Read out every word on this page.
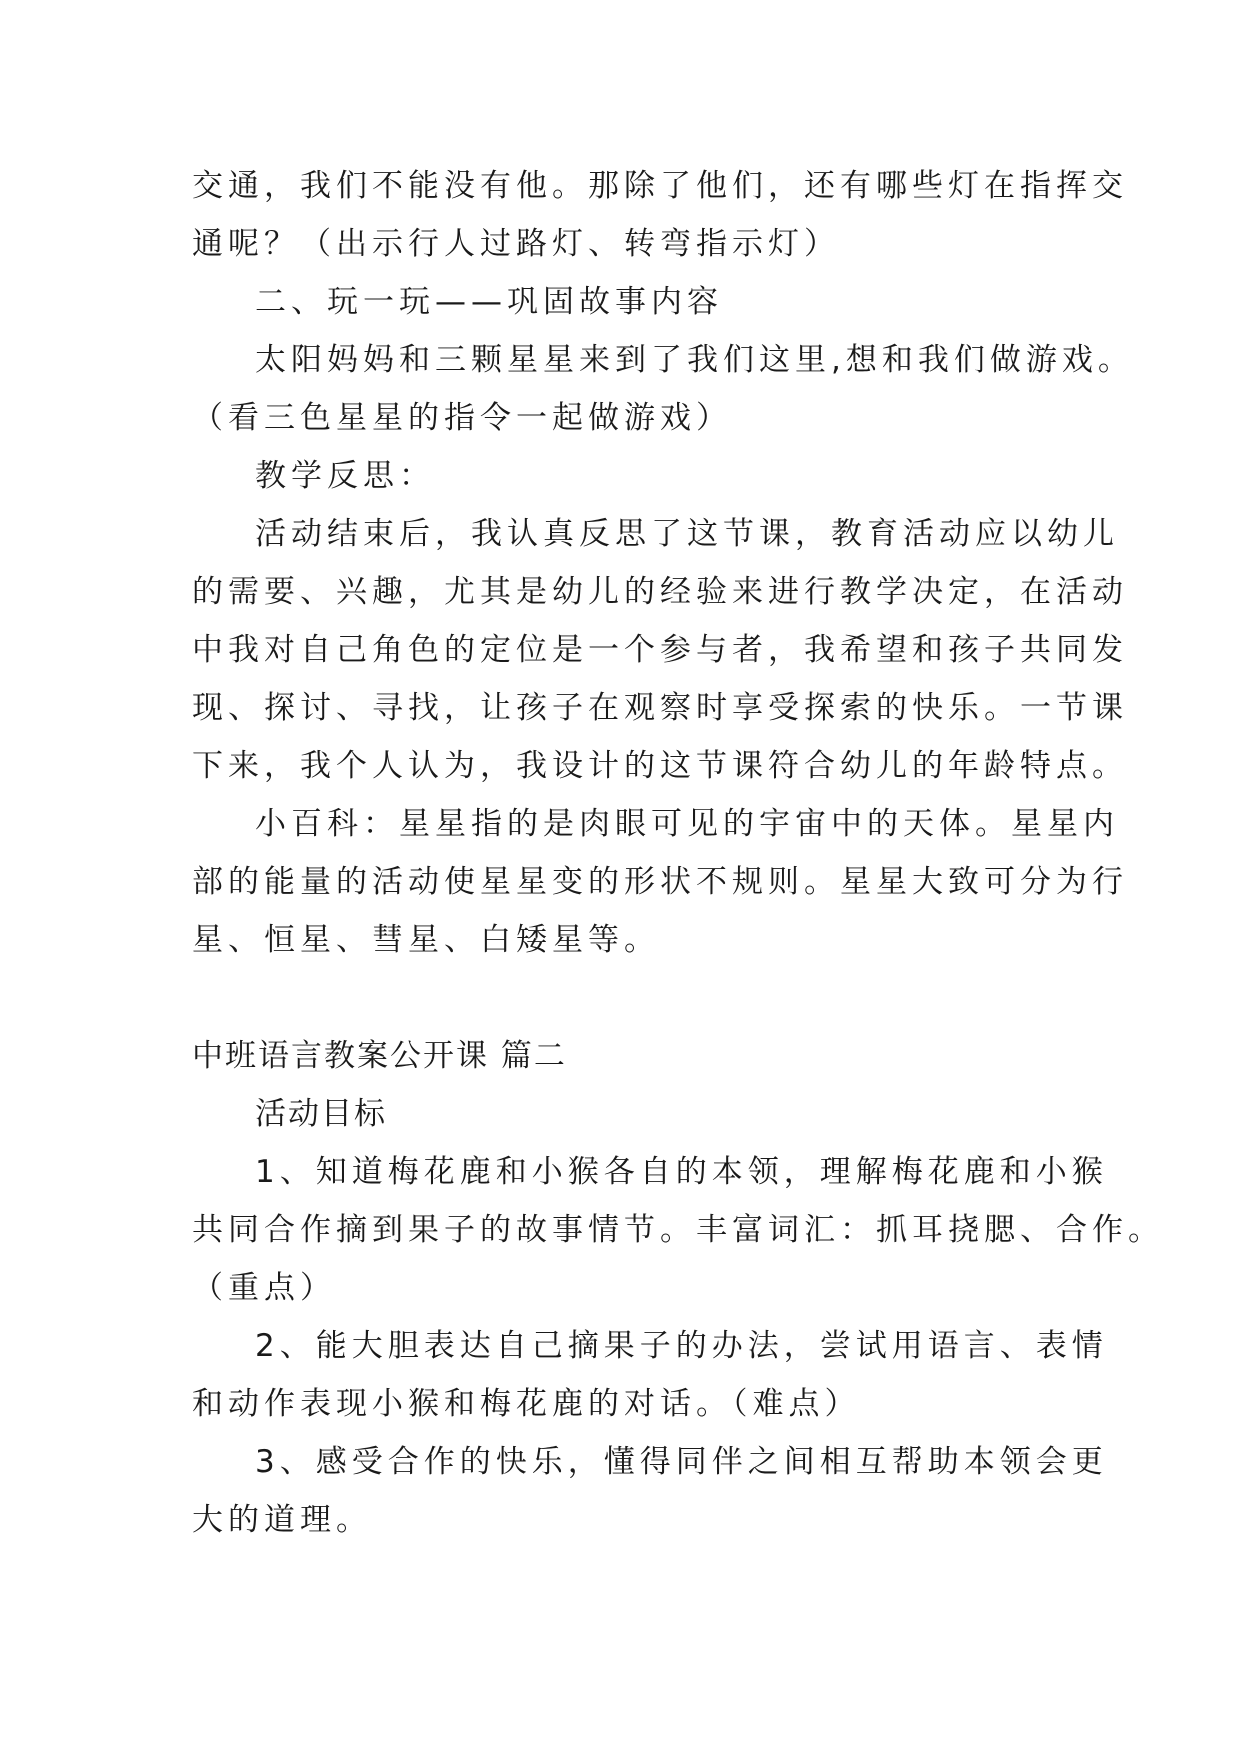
交通，我们不能没有他。那除了他们，还有哪些灯在指挥交

通呢？（出示行人过路灯、转弯指示灯）

二、玩一玩——巩固故事内容

太阳妈妈和三颗星星来到了我们这里,想和我们做游戏。

（看三色星星的指令一起做游戏）

教学反思：

活动结束后，我认真反思了这节课，教育活动应以幼儿

的需要、兴趣，尤其是幼儿的经验来进行教学决定，在活动

中我对自己角色的定位是一个参与者，我希望和孩子共同发

现、探讨、寻找，让孩子在观察时享受探索的快乐。一节课

下来，我个人认为，我设计的这节课符合幼儿的年龄特点。

小百科：星星指的是肉眼可见的宇宙中的天体。星星内

部的能量的活动使星星变的形状不规则。星星大致可分为行

星、恒星、彗星、白矮星等。

中班语言教案公开课 篇二

活动目标

1、知道梅花鹿和小猴各自的本领，理解梅花鹿和小猴

共同合作摘到果子的故事情节。丰富词汇：抓耳挠腮、合作。

（重点）

2、能大胆表达自己摘果子的办法，尝试用语言、表情

和动作表现小猴和梅花鹿的对话。（难点）

3、感受合作的快乐，懂得同伴之间相互帮助本领会更

大的道理。
